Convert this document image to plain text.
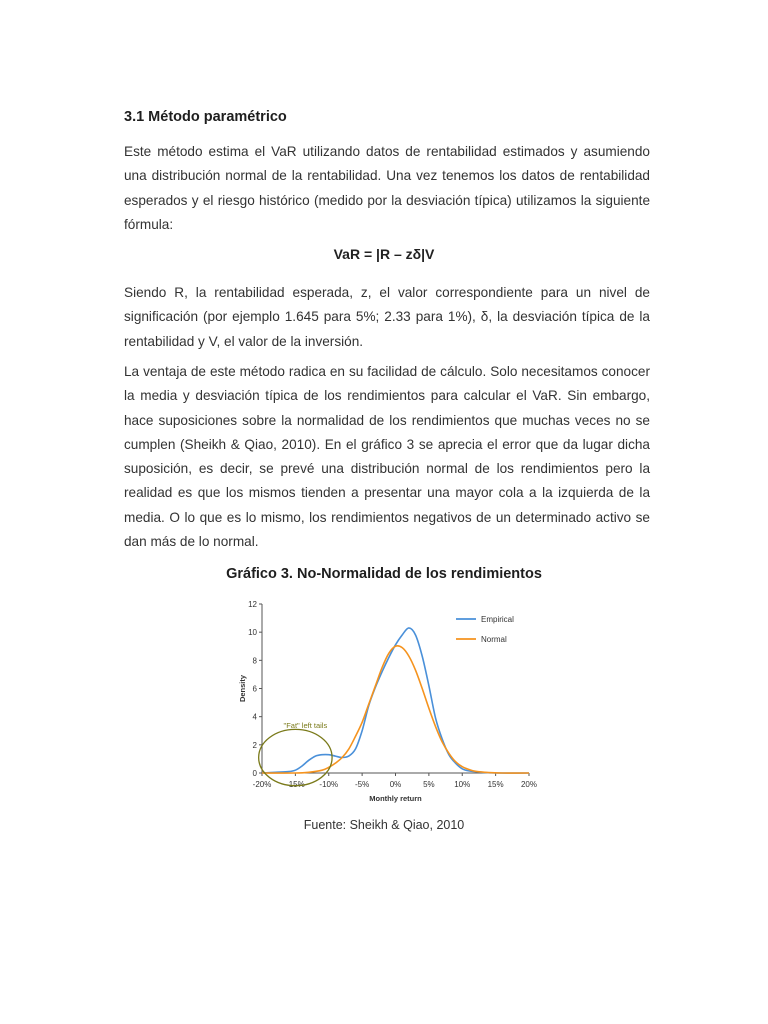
3.1 Método paramétrico

Este método estima el VaR utilizando datos de rentabilidad estimados y asumiendo una distribución normal de la rentabilidad. Una vez tenemos los datos de rentabilidad esperados y el riesgo histórico (medido por la desviación típica) utilizamos la siguiente fórmula:

VaR = |R – zδ|V

Siendo R, la rentabilidad esperada, z, el valor correspondiente para un nivel de significación (por ejemplo 1.645 para 5%; 2.33 para 1%), δ, la desviación típica de la rentabilidad y V, el valor de la inversión.

La ventaja de este método radica en su facilidad de cálculo. Solo necesitamos conocer la media y desviación típica de los rendimientos para calcular el VaR. Sin embargo, hace suposiciones sobre la normalidad de los rendimientos que muchas veces no se cumplen (Sheikh & Qiao, 2010). En el gráfico 3 se aprecia el error que da lugar dicha suposición, es decir, se prevé una distribución normal de los rendimientos pero la realidad es que los mismos tienden a presentar una mayor cola a la izquierda de la media. O lo que es lo mismo, los rendimientos negativos de un determinado activo se dan más de lo normal.

Gráfico 3. No-Normalidad de los rendimientos
0
2
4
6
8
10
12
-20% -15% -10% -5%	0%	5% 10% 15% 20%
Monthly return
Density
Empirical
Normal
"Fat" left tails
Fuente: Sheikh & Qiao, 2010
